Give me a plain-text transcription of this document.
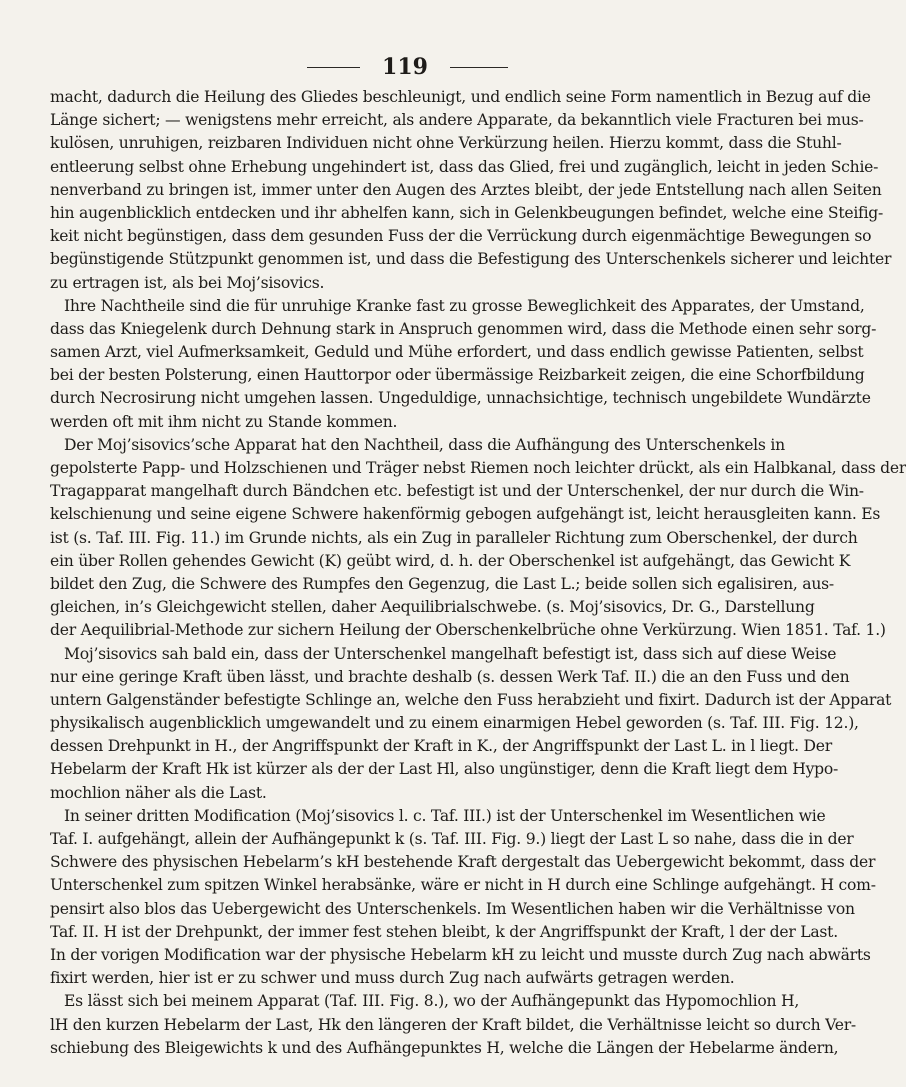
119
macht, dadurch die Heilung des Gliedes beschleunigt, und endlich seine Form namentlich in Bezug auf die
Länge sichert; — wenigstens mehr erreicht, als andere Apparate, da bekanntlich viele Fracturen bei mus-
kulösen, unruhigen, reizbaren Individuen nicht ohne Verkürzung heilen. Hierzu kommt, dass die Stuhl-
entleerung selbst ohne Erhebung ungehindert ist, dass das Glied, frei und zugänglich, leicht in jeden Schie-
nenverband zu bringen ist, immer unter den Augen des Arztes bleibt, der jede Entstellung nach allen Seiten
hin augenblicklich entdecken und ihr abhelfen kann, sich in Gelenkbeugungen befindet, welche eine Steifig-
keit nicht begünstigen, dass dem gesunden Fuss der die Verrückung durch eigenmächtige Bewegungen so
begünstigende Stützpunkt genommen ist, und dass die Befestigung des Unterschenkels sicherer und leichter
zu ertragen ist, als bei Moj’sisovics.
Ihre Nachtheile sind die für unruhige Kranke fast zu grosse Beweglichkeit des Apparates, der Umstand,
dass das Kniegelenk durch Dehnung stark in Anspruch genommen wird, dass die Methode einen sehr sorg-
samen Arzt, viel Aufmerksamkeit, Geduld und Mühe erfordert, und dass endlich gewisse Patienten, selbst
bei der besten Polsterung, einen Hauttorpor oder übermässige Reizbarkeit zeigen, die eine Schorfbildung
durch Necrosirung nicht umgehen lassen. Ungeduldige, unnachsichtige, technisch ungebildete Wundärzte
werden oft mit ihm nicht zu Stande kommen.
Der Moj’sisovics’sche Apparat hat den Nachtheil, dass die Aufhängung des Unterschenkels in
gepolsterte Papp- und Holzschienen und Träger nebst Riemen noch leichter drückt, als ein Halbkanal, dass der
Tragapparat mangelhaft durch Bändchen etc. befestigt ist und der Unterschenkel, der nur durch die Win-
kelschienung und seine eigene Schwere hakenförmig gebogen aufgehängt ist, leicht herausgleiten kann. Es
ist (s. Taf. III. Fig. 11.) im Grunde nichts, als ein Zug in paralleler Richtung zum Oberschenkel, der durch
ein über Rollen gehendes Gewicht (K) geübt wird, d. h. der Oberschenkel ist aufgehängt, das Gewicht K
bildet den Zug, die Schwere des Rumpfes den Gegenzug, die Last L.; beide sollen sich egalisiren, aus-
gleichen, in’s Gleichgewicht stellen, daher Aequilibrialschwebe. (s. Moj’sisovics, Dr. G., Darstellung
der Aequilibrial-Methode zur sichern Heilung der Oberschenkelbrüche ohne Verkürzung. Wien 1851. Taf. 1.)
Moj’sisovics sah bald ein, dass der Unterschenkel mangelhaft befestigt ist, dass sich auf diese Weise
nur eine geringe Kraft üben lässt, und brachte deshalb (s. dessen Werk Taf. II.) die an den Fuss und den
untern Galgenständer befestigte Schlinge an, welche den Fuss herabzieht und fixirt. Dadurch ist der Apparat
physikalisch augenblicklich umgewandelt und zu einem einarmigen Hebel geworden (s. Taf. III. Fig. 12.),
dessen Drehpunkt in H., der Angriffspunkt der Kraft in K., der Angriffspunkt der Last L. in l liegt. Der
Hebelarm der Kraft Hk ist kürzer als der der Last Hl, also ungünstiger, denn die Kraft liegt dem Hypo-
mochlion näher als die Last.
In seiner dritten Modification (Moj’sisovics l. c. Taf. III.) ist der Unterschenkel im Wesentlichen wie
Taf. I. aufgehängt, allein der Aufhängepunkt k (s. Taf. III. Fig. 9.) liegt der Last L so nahe, dass die in der
Schwere des physischen Hebelarm’s kH bestehende Kraft dergestalt das Uebergewicht bekommt, dass der
Unterschenkel zum spitzen Winkel herabsänke, wäre er nicht in H durch eine Schlinge aufgehängt. H com-
pensirt also blos das Uebergewicht des Unterschenkels. Im Wesentlichen haben wir die Verhältnisse von
Taf. II. H ist der Drehpunkt, der immer fest stehen bleibt, k der Angriffspunkt der Kraft, l der der Last.
In der vorigen Modification war der physische Hebelarm kH zu leicht und musste durch Zug nach abwärts
fixirt werden, hier ist er zu schwer und muss durch Zug nach aufwärts getragen werden.
Es lässt sich bei meinem Apparat (Taf. III. Fig. 8.), wo der Aufhängepunkt das Hypomochlion H,
lH den kurzen Hebelarm der Last, Hk den längeren der Kraft bildet, die Verhältnisse leicht so durch Ver-
schiebung des Bleigewichts k und des Aufhängepunktes H, welche die Längen der Hebelarme ändern,
